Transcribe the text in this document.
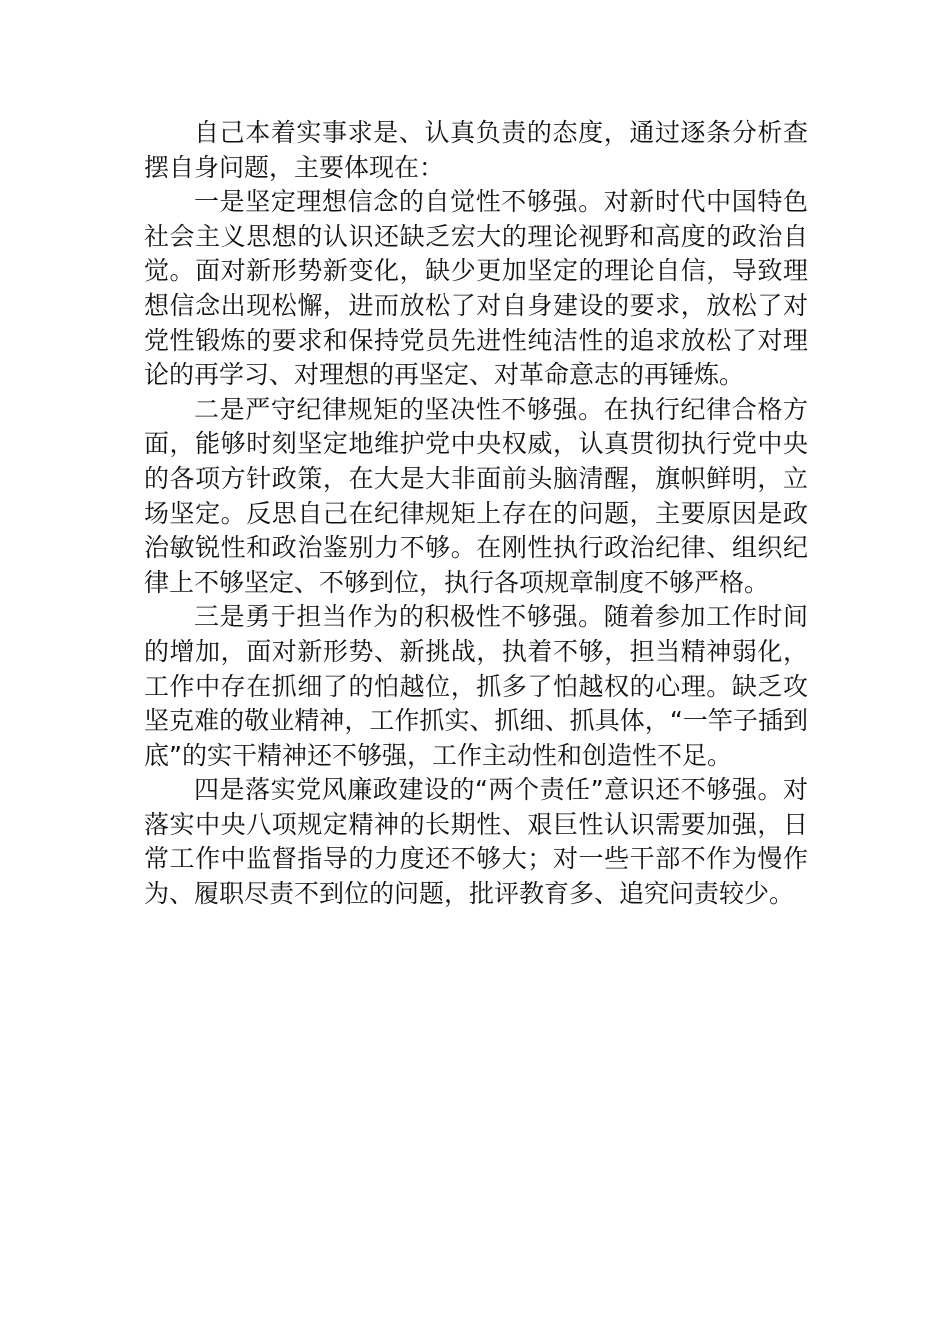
自己本着实事求是、认真负责的态度，通过逐条分析查摆自身问题，主要体现在：

一是坚定理想信念的自觉性不够强。对新时代中国特色社会主义思想的认识还缺乏宏大的理论视野和高度的政治自觉。面对新形势新变化，缺少更加坚定的理论自信，导致理想信念出现松懈，进而放松了对自身建设的要求，放松了对党性锻炼的要求和保持党员先进性纯洁性的追求放松了对理论的再学习、对理想的再坚定、对革命意志的再锤炼。

二是严守纪律规矩的坚决性不够强。在执行纪律合格方面，能够时刻坚定地维护党中央权威，认真贯彻执行党中央的各项方针政策，在大是大非面前头脑清醒，旗帜鲜明，立场坚定。反思自己在纪律规矩上存在的问题，主要原因是政治敏锐性和政治鉴别力不够。在刚性执行政治纪律、组织纪律上不够坚定、不够到位，执行各项规章制度不够严格。

三是勇于担当作为的积极性不够强。随着参加工作时间的增加，面对新形势、新挑战，执着不够，担当精神弱化，工作中存在抓细了的怕越位，抓多了怕越权的心理。缺乏攻坚克难的敬业精神，工作抓实、抓细、抓具体，“一竿子插到底”的实干精神还不够强，工作主动性和创造性不足。

四是落实党风廉政建设的“两个责任”意识还不够强。对落实中央八项规定精神的长期性、艰巨性认识需要加强，日常工作中监督指导的力度还不够大；对一些干部不作为慢作为、履职尽责不到位的问题，批评教育多、追究问责较少。
